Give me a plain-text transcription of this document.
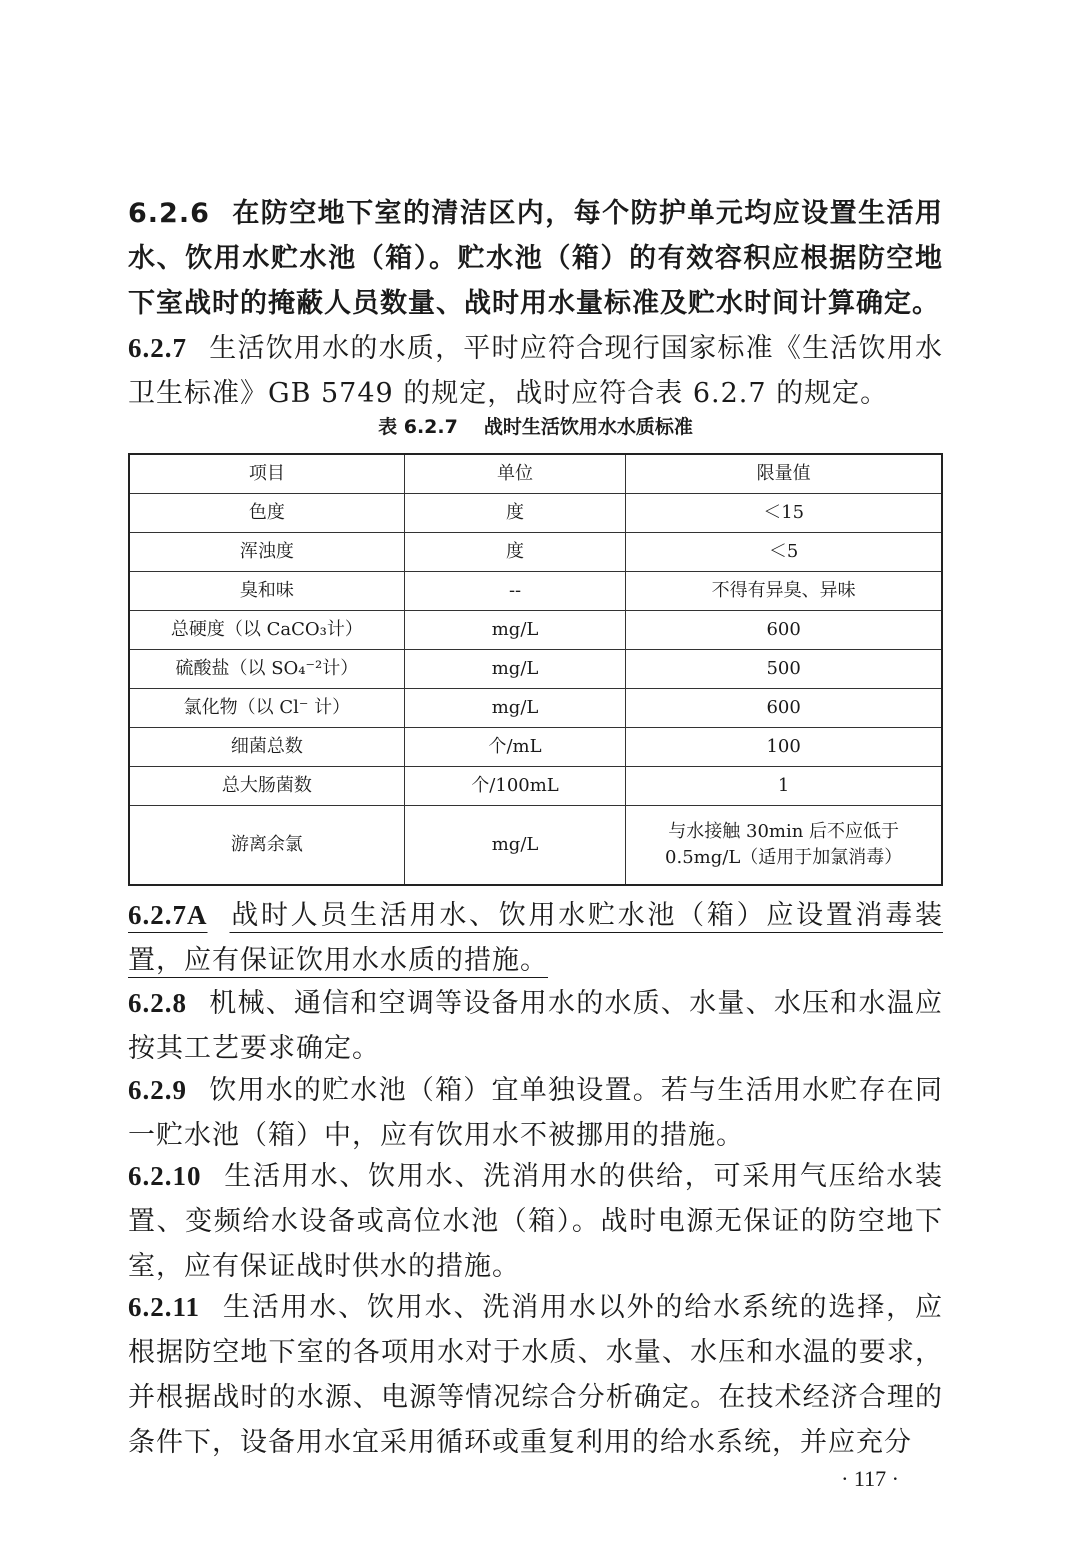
6.2.6 在防空地下室的清洁区内，每个防护单元均应设置生活用水、饮用水贮水池（箱）。贮水池（箱）的有效容积应根据防空地下室战时的掩蔽人员数量、战时用水量标准及贮水时间计算确定。

6.2.7 生活饮用水的水质，平时应符合现行国家标准《生活饮用水卫生标准》GB 5749 的规定，战时应符合表 6.2.7 的规定。

表 6.2.7 战时生活饮用水水质标准

项目	单位	限量值
色度	度	＜15
浑浊度	度	＜5
臭和味	--	不得有异臭、异味
总硬度（以 CaCO₃计）	mg/L	600
硫酸盐（以 SO₄⁻²计）	mg/L	500
氯化物（以 Cl⁻ 计）	mg/L	600
细菌总数	个/mL	100
总大肠菌数	个/100mL	1
游离余氯	mg/L	与水接触 30min 后不应低于 0.5mg/L（适用于加氯消毒）

6.2.7A 战时人员生活用水、饮用水贮水池（箱）应设置消毒装置，应有保证饮用水水质的措施。

6.2.8 机械、通信和空调等设备用水的水质、水量、水压和水温应按其工艺要求确定。

6.2.9 饮用水的贮水池（箱）宜单独设置。若与生活用水贮存在同一贮水池（箱）中，应有饮用水不被挪用的措施。

6.2.10 生活用水、饮用水、洗消用水的供给，可采用气压给水装置、变频给水设备或高位水池（箱）。战时电源无保证的防空地下室，应有保证战时供水的措施。

6.2.11 生活用水、饮用水、洗消用水以外的给水系统的选择，应根据防空地下室的各项用水对于水质、水量、水压和水温的要求，并根据战时的水源、电源等情况综合分析确定。在技术经济合理的条件下，设备用水宜采用循环或重复利用的给水系统，并应充分

· 117 ·
